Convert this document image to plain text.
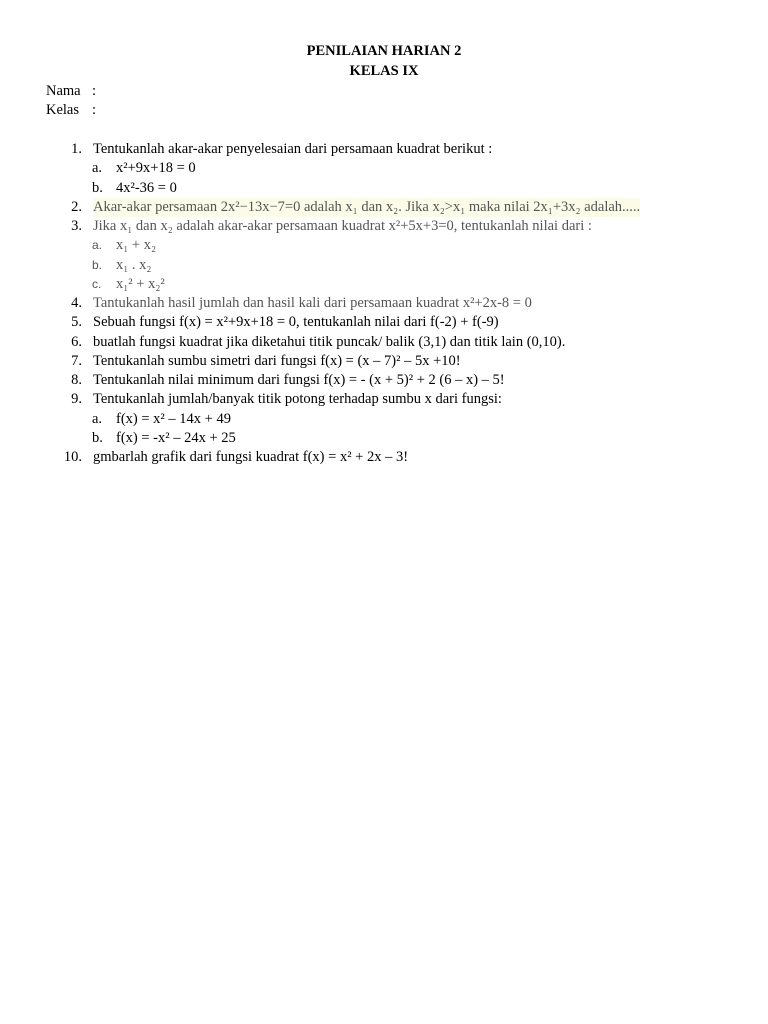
PENILAIAN HARIAN 2
KELAS IX
Nama :
Kelas :
1. Tentukanlah akar-akar penyelesaian dari persamaan kuadrat berikut :
a. x²+9x+18 = 0
b. 4x²-36 = 0
2. Akar-akar persamaan 2x²−13x−7=0 adalah x₁ dan x₂. Jika x₂>x₁ maka nilai 2x₁+3x₂ adalah.....
3. Jika x₁ dan x₂ adalah akar-akar persamaan kuadrat x²+5x+3=0, tentukanlah nilai dari :
a. x₁ + x₂
b. x₁ . x₂
c. x₁² + x₂²
4. Tantukanlah hasil jumlah dan hasil kali dari persamaan kuadrat x²+2x-8 = 0
5. Sebuah fungsi f(x) = x²+9x+18 = 0, tentukanlah nilai dari f(-2) + f(-9)
6. buatlah fungsi kuadrat jika diketahui titik puncak/ balik (3,1) dan titik lain (0,10).
7. Tentukanlah sumbu simetri dari fungsi f(x) = (x – 7)² – 5x +10!
8. Tentukanlah nilai minimum dari fungsi f(x) = - (x + 5)² + 2 (6 – x) – 5!
9. Tentukanlah jumlah/banyak titik potong terhadap sumbu x dari fungsi:
a. f(x) = x² – 14x + 49
b. f(x) = -x² – 24x + 25
10. gmbarlah grafik dari fungsi kuadrat f(x) = x² + 2x – 3!
